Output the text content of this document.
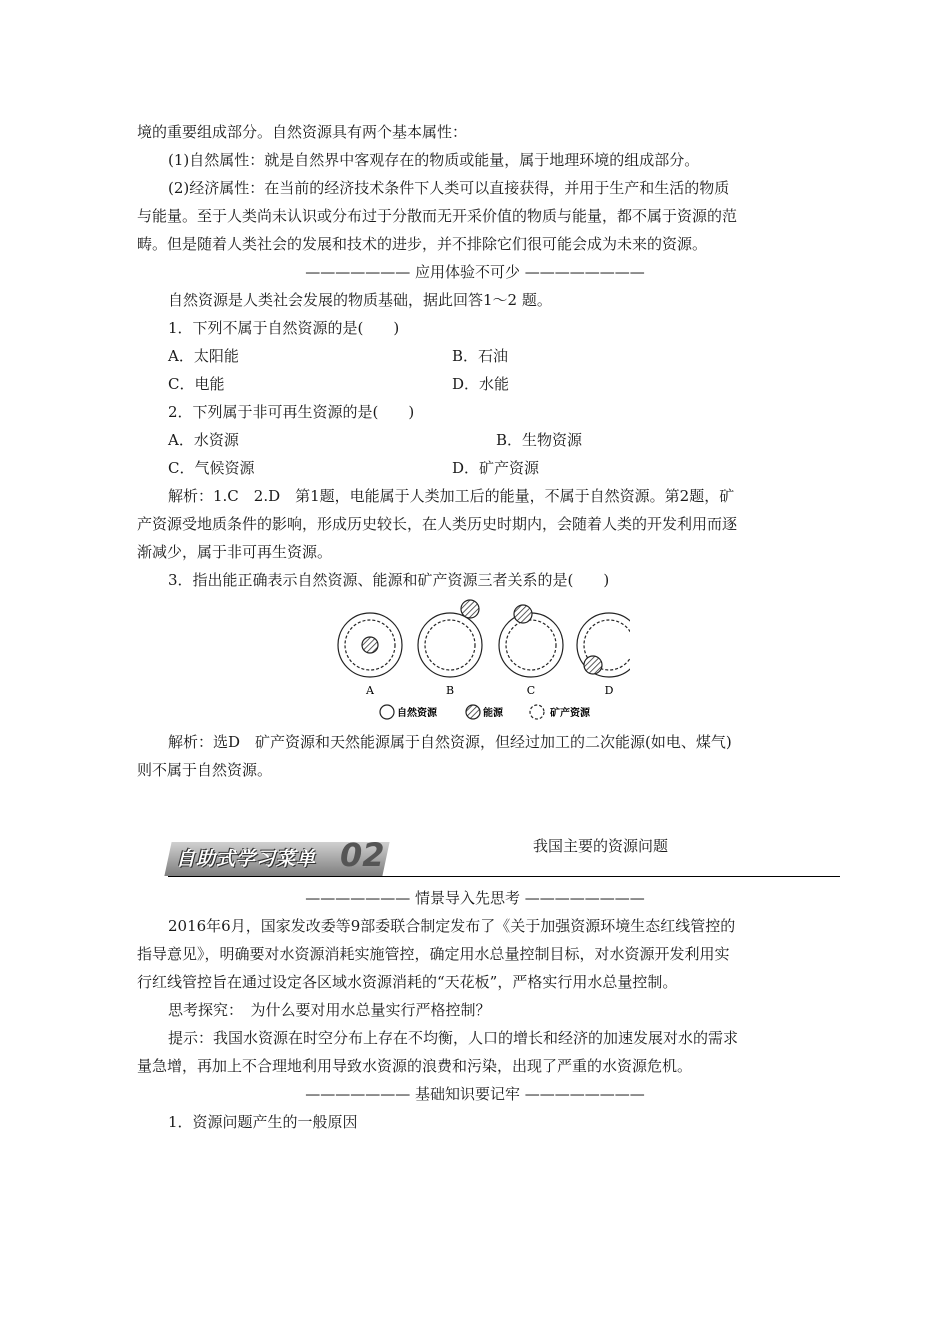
境的重要组成部分。自然资源具有两个基本属性：
(1)自然属性：就是自然界中客观存在的物质或能量，属于地理环境的组成部分。
(2)经济属性：在当前的经济技术条件下人类可以直接获得，并用于生产和生活的物质
与能量。至于人类尚未认识或分布过于分散而无开采价值的物质与能量，都不属于资源的范
畴。但是随着人类社会的发展和技术的进步，并不排除它们很可能会成为未来的资源。
——————— 应用体验不可少 ————————
自然资源是人类社会发展的物质基础，据此回答1～2 题。
1．下列不属于自然资源的是(　　)
A．太阳能	B．石油
C．电能	D．水能
2．下列属于非可再生资源的是(　　)
A．水资源	B．生物资源
C．气候资源	D．矿产资源
解析：1.C　2.D　第1题，电能属于人类加工后的能量，不属于自然资源。第2题，矿
产资源受地质条件的影响，形成历史较长，在人类历史时期内，会随着人类的开发利用而逐
渐减少，属于非可再生资源。
3．指出能正确表示自然资源、能源和矿产资源三者关系的是(　　)
A	B	C	D
自然资源	能源	矿产资源
解析：选D　矿产资源和天然能源属于自然资源，但经过加工的二次能源(如电、煤气)
则不属于自然资源。
自助式学习菜单 02	我国主要的资源问题
——————— 情景导入先思考 ————————
2016年6月，国家发改委等9部委联合制定发布了《关于加强资源环境生态红线管控的
指导意见》，明确要对水资源消耗实施管控，确定用水总量控制目标，对水资源开发利用实
行红线管控旨在通过设定各区域水资源消耗的“天花板”，严格实行用水总量控制。
思考探究：　为什么要对用水总量实行严格控制？
提示：我国水资源在时空分布上存在不均衡，人口的增长和经济的加速发展对水的需求
量急增，再加上不合理地利用导致水资源的浪费和污染，出现了严重的水资源危机。
——————— 基础知识要记牢 ————————
1．资源问题产生的一般原因
